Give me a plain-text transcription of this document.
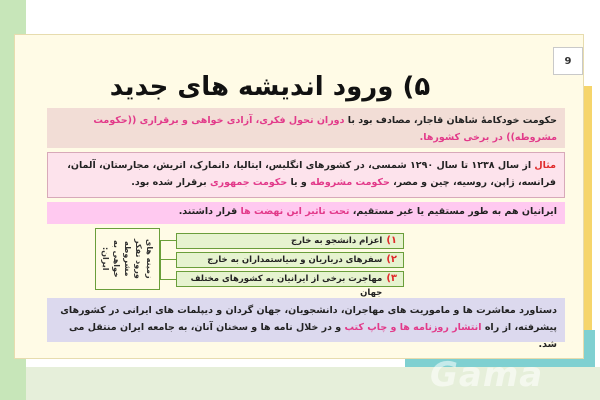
9
۵) ورود اندیشه های جدید
حکومت خودکامهٔ شاهان قاجار، مصادف بود با دوران تحول فکری، آزادی خواهی و برقراری ((حکومت مشروطه)) در برخی کشورها.
مثال از سال ۱۲۳۸ تا سال ۱۲۹۰ شمسی، در کشورهای انگلیس، ایتالیا، دانمارک، اتریش، مجارستان، آلمان، فرانسه، ژاپن، روسیه، چین و مصر، حکومت مشروطه و یا حکومت جمهوری برقرار شده بود.
ایرانیان هم به طور مستقیم یا غیر مستقیم، تحت تاثیر این نهضت ها قرار داشتند.
زمینه های ورود تفکر مشروطه خواهی به ایران:
۱)
اعزام دانشجو به خارج
۲)
سفرهای درباریان و سیاستمداران به خارج
۳)
مهاجرت برخی از ایرانیان به کشورهای مختلف جهان
دستاورد معاشرت ها و ماموریت های مهاجران، دانشجویان، جهان گردان و دیپلمات های ایرانی در کشورهای پیشرفته، از راه انتشار روزنامه ها و چاپ کتب و در خلال نامه ها و سخنان آنان، به جامعه ایران منتقل می شد.
Gama
